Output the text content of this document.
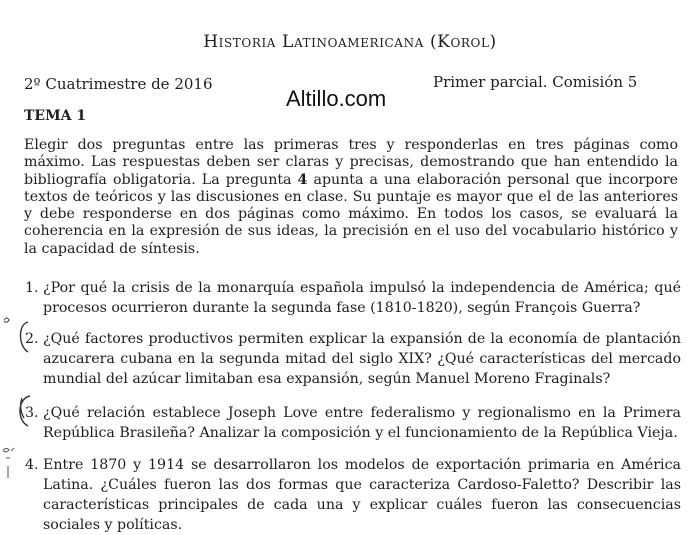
Historia Latinoamericana (Korol)
2º Cuatrimestre de 2016	Primer parcial. Comisión 5
Altillo.com
TEMA 1
Elegir dos preguntas entre las primeras tres y responderlas en tres páginas como máximo. Las respuestas deben ser claras y precisas, demostrando que han entendido la bibliografía obligatoria. La pregunta 4 apunta a una elaboración personal que incorpore textos de teóricos y las discusiones en clase. Su puntaje es mayor que el de las anteriores y debe responderse en dos páginas como máximo. En todos los casos, se evaluará la coherencia en la expresión de sus ideas, la precisión en el uso del vocabulario histórico y la capacidad de síntesis.
1. ¿Por qué la crisis de la monarquía española impulsó la independencia de América; qué procesos ocurrieron durante la segunda fase (1810-1820), según François Guerra?
2. ¿Qué factores productivos permiten explicar la expansión de la economía de plantación azucarera cubana en la segunda mitad del siglo XIX? ¿Qué características del mercado mundial del azúcar limitaban esa expansión, según Manuel Moreno Fraginals?
3. ¿Qué relación establece Joseph Love entre federalismo y regionalismo en la Primera República Brasileña? Analizar la composición y el funcionamiento de la República Vieja.
4. Entre 1870 y 1914 se desarrollaron los modelos de exportación primaria en América Latina. ¿Cuáles fueron las dos formas que caracteriza Cardoso-Faletto? Describir las características principales de cada una y explicar cuáles fueron las consecuencias sociales y políticas.
